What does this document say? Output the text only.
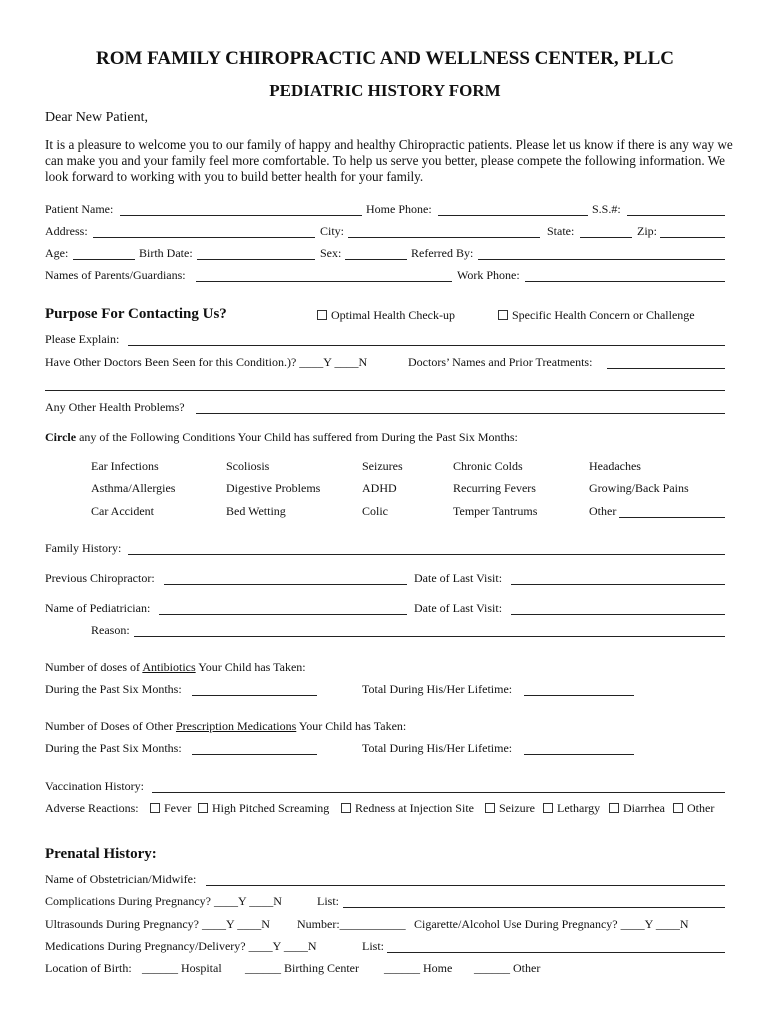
ROM FAMILY CHIROPRACTIC AND WELLNESS CENTER, PLLC
PEDIATRIC HISTORY FORM
Dear New Patient,
It is a pleasure to welcome you to our family of happy and healthy Chiropractic patients. Please let us know if there is any way we can make you and your family feel more comfortable. To help us serve you better, please compete the following information. We look forward to working with you to build better health for your family.
Patient Name:	Home Phone:	S.S.#:
Address:	City:	State:	Zip:
Age:	Birth Date:	Sex:	Referred By:
Names of Parents/Guardians:	Work Phone:
Purpose For Contacting Us?	Optimal Health Check-up	Specific Health Concern or Challenge
Please Explain:
Have Other Doctors Been Seen for this Condition.)? ____Y ____N	Doctors’ Names and Prior Treatments:
Any Other Health Problems?
Circle any of the Following Conditions Your Child has suffered from During the Past Six Months:
Ear Infections	Scoliosis	Seizures	Chronic Colds	Headaches
Asthma/Allergies	Digestive Problems	ADHD	Recurring Fevers	Growing/Back Pains
Car Accident	Bed Wetting	Colic	Temper Tantrums	Other
Family History:
Previous Chiropractor:	Date of Last Visit:
Name of Pediatrician:	Date of Last Visit:
Reason:
Number of doses of Antibiotics Your Child has Taken:
During the Past Six Months:	Total During His/Her Lifetime:
Number of Doses of Other Prescription Medications Your Child has Taken:
During the Past Six Months:	Total During His/Her Lifetime:
Vaccination History:
Adverse Reactions:	Fever	High Pitched Screaming	Redness at Injection Site	Seizure	Lethargy	Diarrhea	Other
Prenatal History:
Name of Obstetrician/Midwife:
Complications During Pregnancy? ____Y ____N	List:
Ultrasounds During Pregnancy? ____Y ____N Number:___________ Cigarette/Alcohol Use During Pregnancy? ____Y ____N
Medications During Pregnancy/Delivery? ____Y ____N	List:
Location of Birth: ______ Hospital ______ Birthing Center ______ Home ______ Other
